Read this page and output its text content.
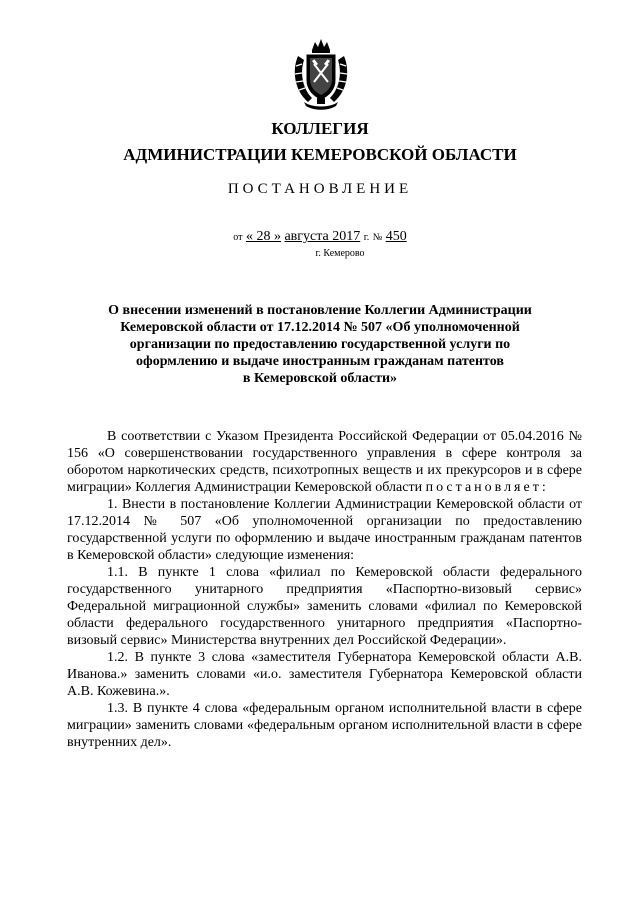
КОЛЛЕГИЯ
АДМИНИСТРАЦИИ КЕМЕРОВСКОЙ ОБЛАСТИ
ПОСТАНОВЛЕНИЕ
от « 28 » августа 2017 г. № 450
г. Кемерово
О внесении изменений в постановление Коллегии Администрации
Кемеровской области от 17.12.2014 № 507 «Об уполномоченной
организации по предоставлению государственной услуги по
оформлению и выдаче иностранным гражданам патентов
в Кемеровской области»

В соответствии с Указом Президента Российской Федерации от 05.04.2016 № 156 «О совершенствовании государственного управления в сфере контроля за оборотом наркотических средств, психотропных веществ и их прекурсоров и в сфере миграции» Коллегия Администрации Кемеровской области постановляет:

1. Внести в постановление Коллегии Администрации Кемеровской области от 17.12.2014 № 507 «Об уполномоченной организации по предоставлению государственной услуги по оформлению и выдаче иностранным гражданам патентов в Кемеровской области» следующие изменения:

1.1. В пункте 1 слова «филиал по Кемеровской области федерального государственного унитарного предприятия «Паспортно-визовый сервис» Федеральной миграционной службы» заменить словами «филиал по Кемеровской области федерального государственного унитарного предприятия «Паспортно-визовый сервис» Министерства внутренних дел Российской Федерации».

1.2. В пункте 3 слова «заместителя Губернатора Кемеровской области А.В. Иванова.» заменить словами «и.о. заместителя Губернатора Кемеровской области А.В. Кожевина.».

1.3. В пункте 4 слова «федеральным органом исполнительной власти в сфере миграции» заменить словами «федеральным органом исполнительной власти в сфере внутренних дел».
